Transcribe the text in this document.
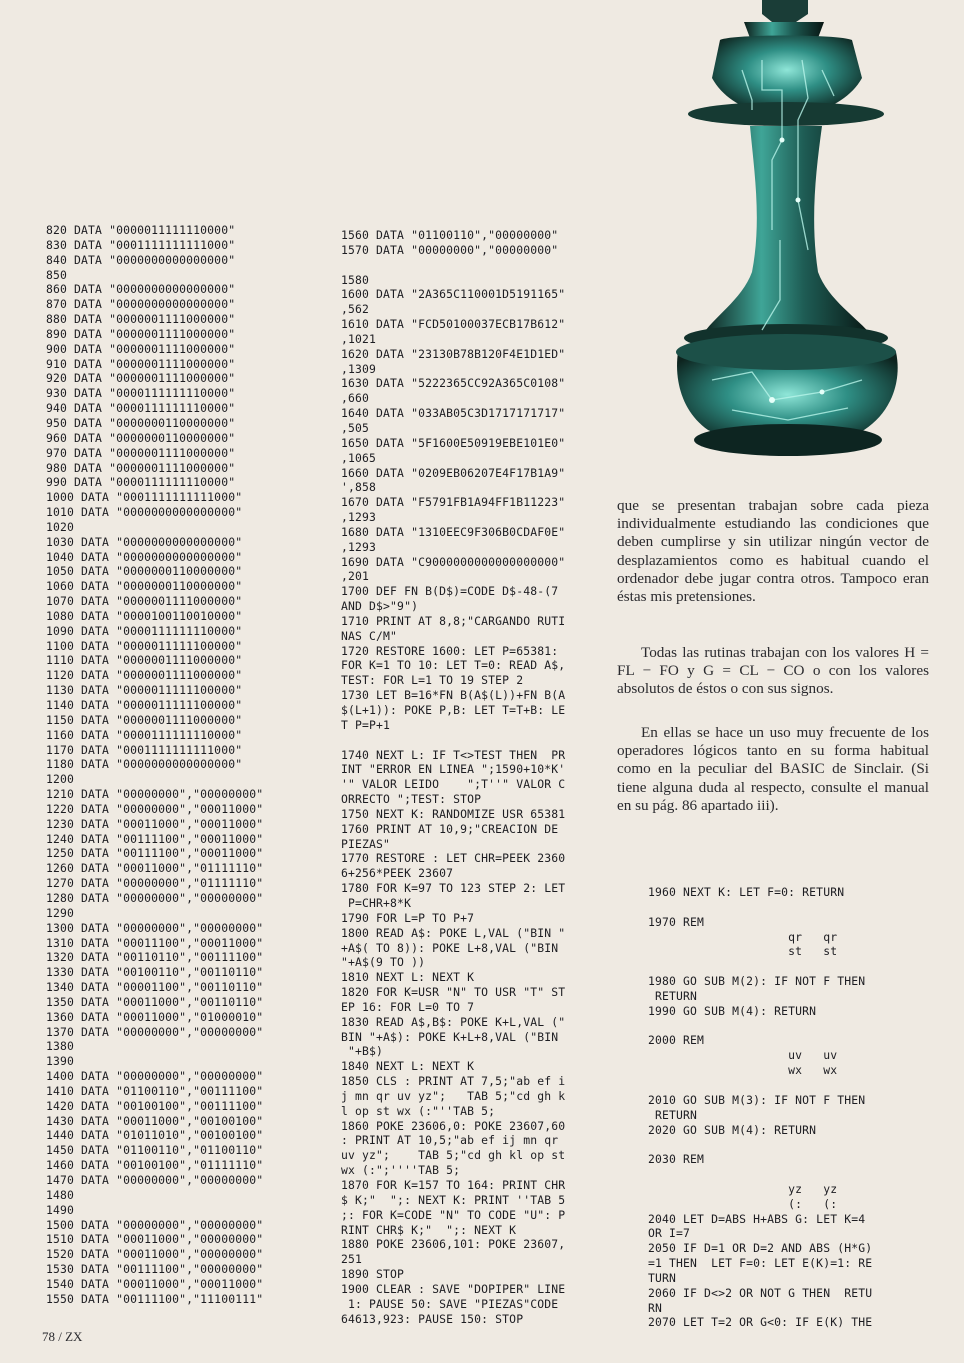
820 DATA "0000011111110000"
830 DATA "0001111111111000"
840 DATA "0000000000000000"
850
860 DATA "0000000000000000"
870 DATA "0000000000000000"
880 DATA "0000001111000000"
890 DATA "0000001111000000"
900 DATA "0000001111000000"
910 DATA "0000001111000000"
920 DATA "0000001111000000"
930 DATA "0000111111110000"
940 DATA "0000111111110000"
950 DATA "0000000110000000"
960 DATA "0000000110000000"
970 DATA "0000001111000000"
980 DATA "0000001111000000"
990 DATA "0000111111110000"
1000 DATA "0001111111111000"
1010 DATA "0000000000000000"
1020
1030 DATA "0000000000000000"
1040 DATA "0000000000000000"
1050 DATA "0000000110000000"
1060 DATA "0000000110000000"
1070 DATA "0000001111000000"
1080 DATA "0000100110010000"
1090 DATA "0000111111110000"
1100 DATA "0000011111100000"
1110 DATA "0000001111000000"
1120 DATA "0000001111000000"
1130 DATA "0000011111100000"
1140 DATA "0000011111100000"
1150 DATA "0000001111000000"
1160 DATA "0000111111110000"
1170 DATA "0001111111111000"
1180 DATA "0000000000000000"
1200
1210 DATA "00000000","00000000"
1220 DATA "00000000","00011000"
1230 DATA "00011000","00011000"
1240 DATA "00111100","00011000"
1250 DATA "00111100","00011000"
1260 DATA "00011000","01111110"
1270 DATA "00000000","01111110"
1280 DATA "00000000","00000000"
1290
1300 DATA "00000000","00000000"
1310 DATA "00011100","00011000"
1320 DATA "00110110","00111100"
1330 DATA "00100110","00110110"
1340 DATA "00001100","00110110"
1350 DATA "00011000","00110110"
1360 DATA "00011000","01000010"
1370 DATA "00000000","00000000"
1380
1390
1400 DATA "00000000","00000000"
1410 DATA "01100110","00111100"
1420 DATA "00100100","00111100"
1430 DATA "00011000","00100100"
1440 DATA "01011010","00100100"
1450 DATA "01100110","01100110"
1460 DATA "00100100","01111110"
1470 DATA "00000000","00000000"
1480
1490
1500 DATA "00000000","00000000"
1510 DATA "00011000","00000000"
1520 DATA "00011000","00000000"
1530 DATA "00111100","00000000"
1540 DATA "00011000","00011000"
1550 DATA "00111100","11100111"

1560 DATA "01100110","00000000"
1570 DATA "00000000","00000000"

1580
1600 DATA "2A365C110001D5191165"
,562
1610 DATA "FCD50100037ECB17B612"
,1021
1620 DATA "23130B78B120F4E1D1ED"
,1309
1630 DATA "5222365CC92A365C0108"
,660
1640 DATA "033AB05C3D1717171717"
,505
1650 DATA "5F1600E50919EBE101E0"
,1065
1660 DATA "0209EB06207E4F17B1A9"
',858
1670 DATA "F5791FB1A94FF1B11223"
,1293
1680 DATA "1310EEC9F306B0CDAF0E"
,1293
1690 DATA "C9000000000000000000"
,201
1700 DEF FN B(D$)=CODE D$-48-(7
AND D$>"9")
1710 PRINT AT 8,8;"CARGANDO RUTI
NAS C/M"
1720 RESTORE 1600: LET P=65381:
FOR K=1 TO 10: LET T=0: READ A$,
TEST: FOR L=1 TO 19 STEP 2
1730 LET B=16*FN B(A$(L))+FN B(A
$(L+1)): POKE P,B: LET T=T+B: LE
T P=P+1

1740 NEXT L: IF T<>TEST THEN  PR
INT "ERROR EN LINEA ";1590+10*K'
'" VALOR LEIDO    ";T''" VALOR C
ORRECTO ";TEST: STOP
1750 NEXT K: RANDOMIZE USR 65381
1760 PRINT AT 10,9;"CREACION DE
PIEZAS"
1770 RESTORE : LET CHR=PEEK 2360
6+256*PEEK 23607
1780 FOR K=97 TO 123 STEP 2: LET
P=CHR+8*K
1790 FOR L=P TO P+7
1800 READ A$: POKE L,VAL ("BIN "
+A$( TO 8)): POKE L+8,VAL ("BIN
"+A$(9 TO ))
1810 NEXT L: NEXT K
1820 FOR K=USR "N" TO USR "T" ST
EP 16: FOR L=0 TO 7
1830 READ A$,B$: POKE K+L,VAL ("
BIN "+A$): POKE K+L+8,VAL ("BIN
"+B$)
1840 NEXT L: NEXT K
1850 CLS : PRINT AT 7,5;"ab ef i
j mn qr uv yz";   TAB 5;"cd gh k
l op st wx (:"''TAB 5;
1860 POKE 23606,0: POKE 23607,60
: PRINT AT 10,5;"ab ef ij mn qr
uv yz";    TAB 5;"cd gh kl op st
wx (:";''''TAB 5;
1870 FOR K=157 TO 164: PRINT CHR
$ K;"  ";: NEXT K: PRINT ''TAB 5
;: FOR K=CODE "N" TO CODE "U": P
RINT CHR$ K;"  ";: NEXT K
1880 POKE 23606,101: POKE 23607,
251
1890 STOP
1900 CLEAR : SAVE "DOPIPER" LINE
1: PAUSE 50: SAVE "PIEZAS"CODE
64613,923: PAUSE 150: STOP

1960 NEXT K: LET F=0: RETURN

1970 REM
qr   qr
st   st

1980 GO SUB M(2): IF NOT F THEN
RETURN
1990 GO SUB M(4): RETURN

2000 REM
uv   uv
wx   wx

2010 GO SUB M(3): IF NOT F THEN
RETURN
2020 GO SUB M(4): RETURN

2030 REM

yz   yz
(:   (:
2040 LET D=ABS H+ABS G: LET K=4
OR I=7
2050 IF D=1 OR D=2 AND ABS (H*G)
=1 THEN  LET F=0: LET E(K)=1: RE
TURN
2060 IF D<>2 OR NOT G THEN  RETU
RN
2070 LET T=2 OR G<0: IF E(K) THE

que se presentan trabajan sobre cada pieza individualmente estudiando las condiciones que deben cumplirse y sin utilizar ningún vector de desplazamientos como es habitual cuando el ordenador debe jugar contra otros. Tampoco eran éstas mis pretensiones.

Todas las rutinas trabajan con los valores H = FL − FO y G = CL − CO o con los valores absolutos de éstos o con sus signos.

En ellas se hace un uso muy frecuente de los operadores lógicos tanto en su forma habitual como en la peculiar del BASIC de Sinclair. (Si tiene alguna duda al respecto, consulte el manual en su pág. 86 apartado iii).

78 / ZX
